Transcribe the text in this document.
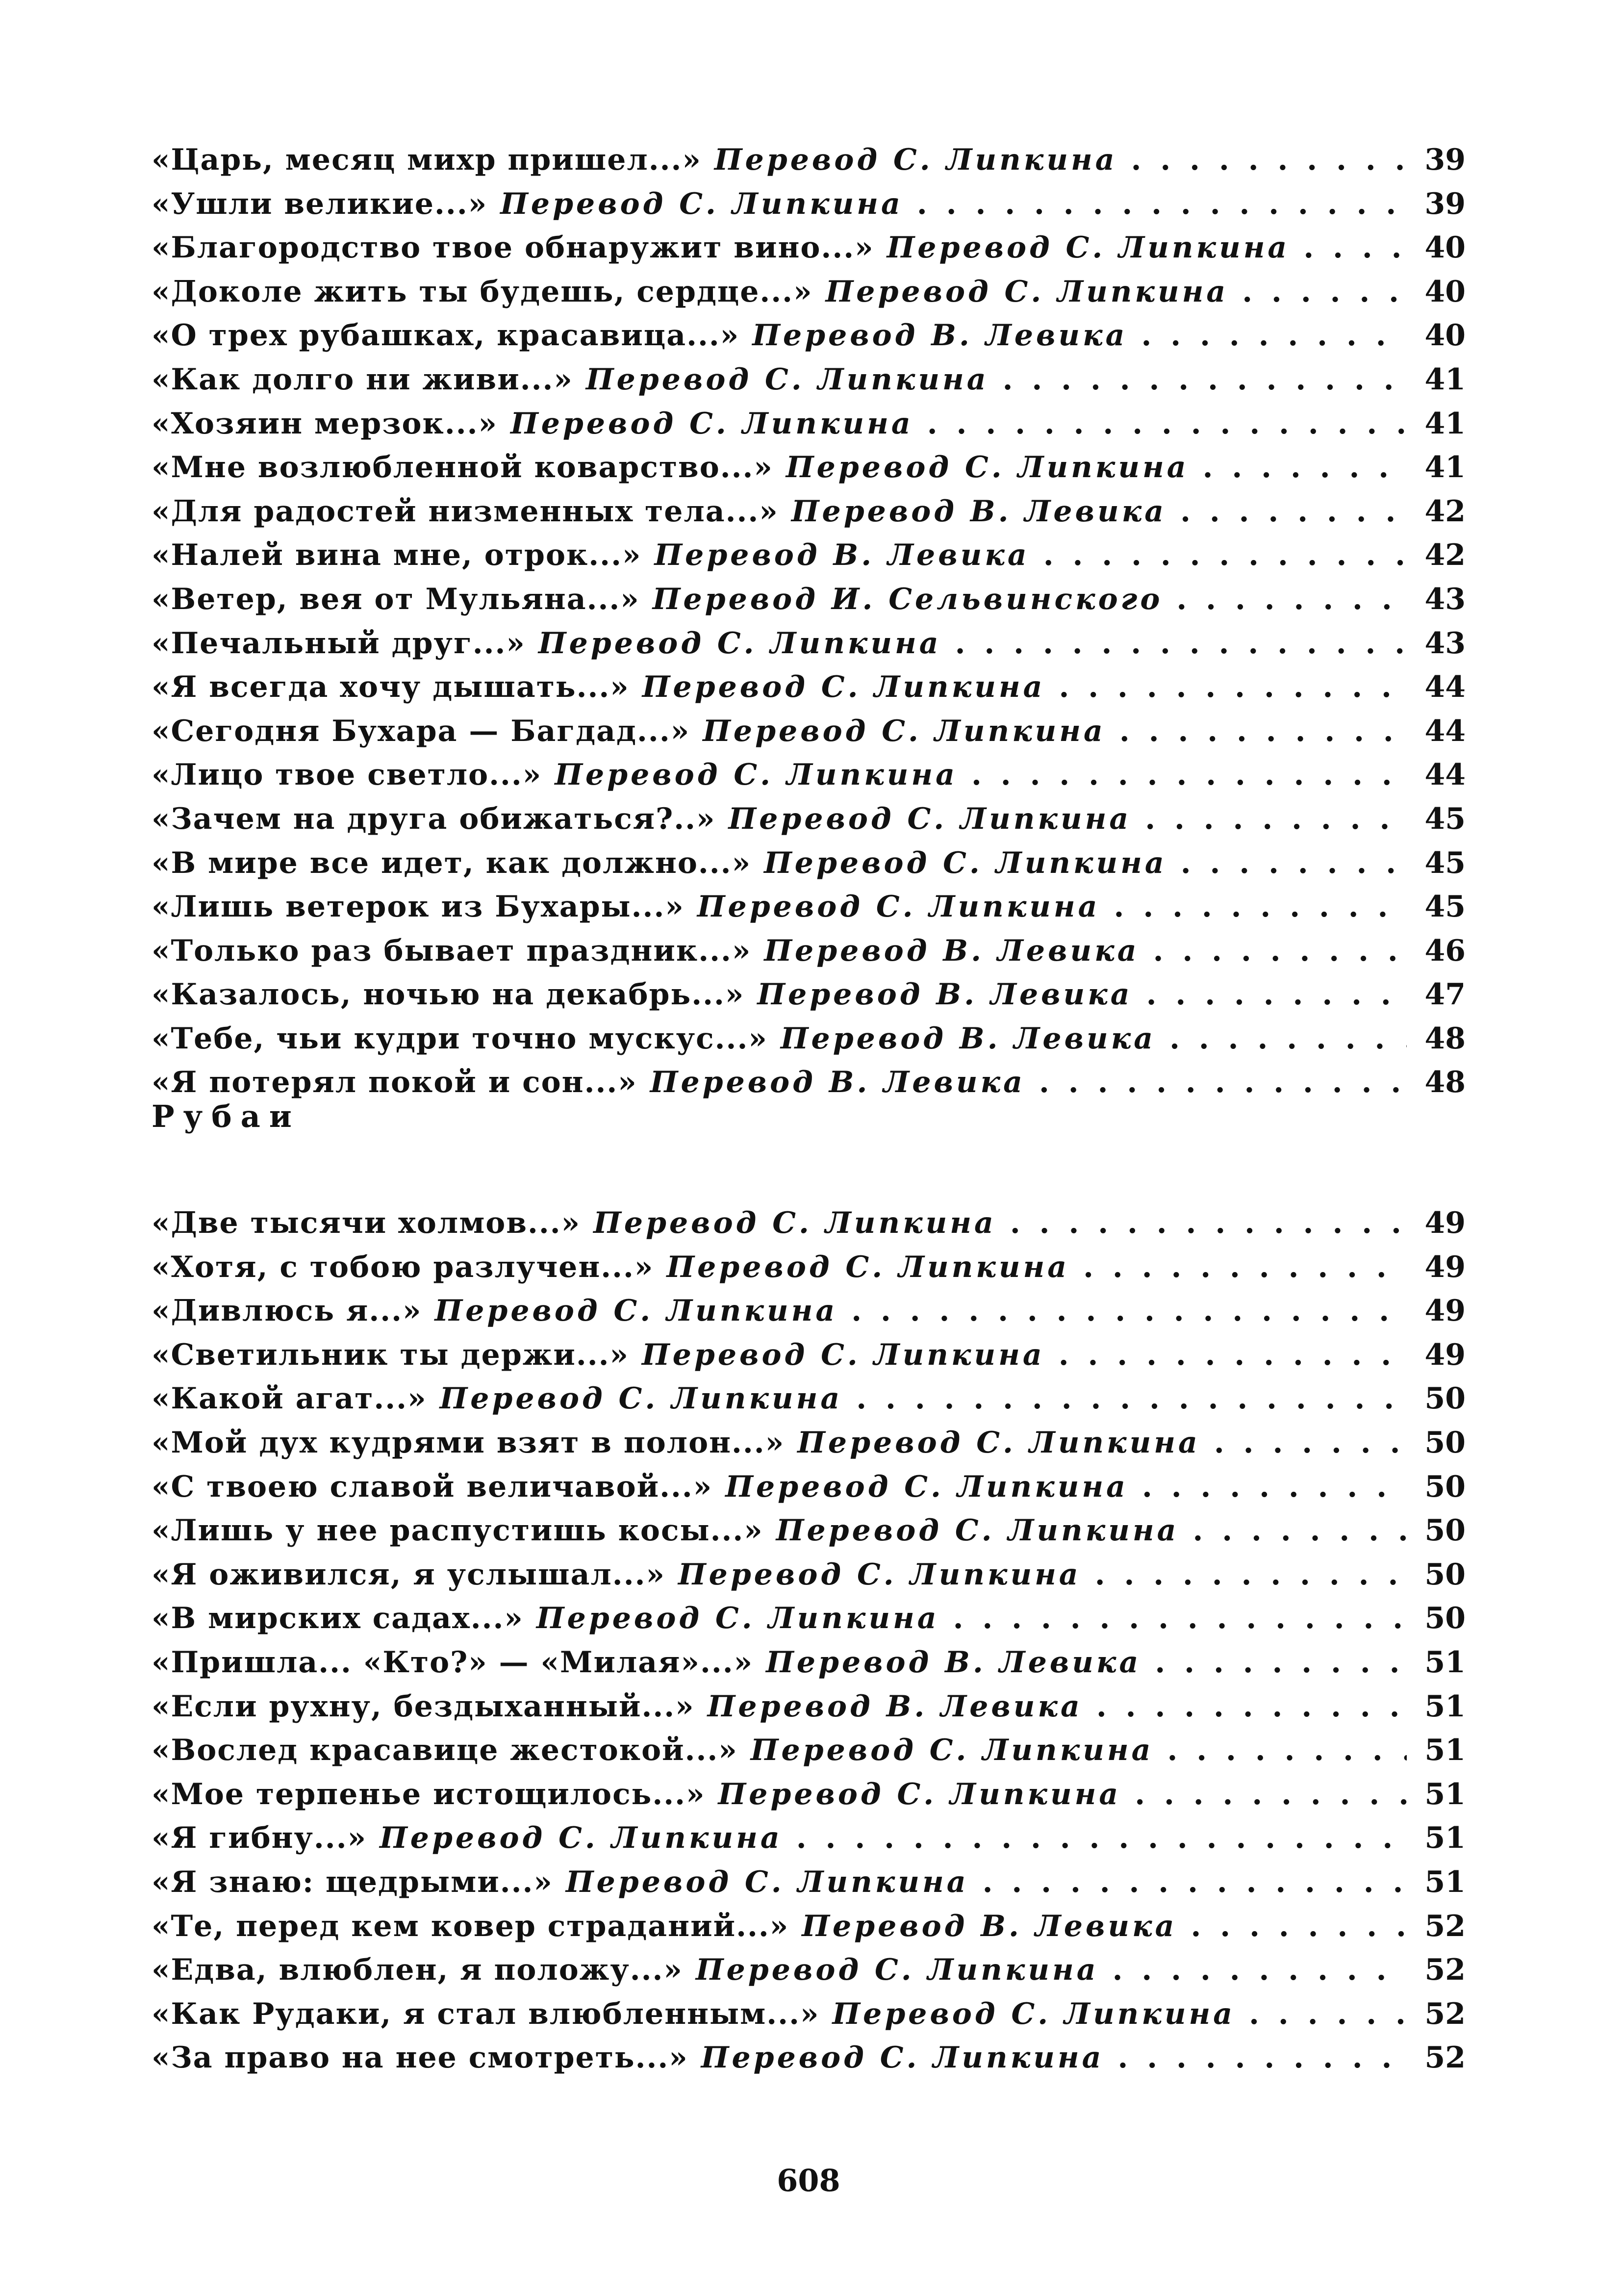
«Царь, месяц михр пришел...» Перевод С. Липкина . . .	39
«Ушли великие...» Перевод С. Липкина . . .	39
«Благородство твое обнаружит вино...» Перевод С. Липкина . . .	40
«Доколе жить ты будешь, сердце...» Перевод С. Липкина . . .	40
«О трех рубашках, красавица...» Перевод В. Левика . . .	40
«Как долго ни живи...» Перевод С. Липкина . . .	41
«Хозяин мерзок...» Перевод С. Липкина . . .	41
«Мне возлюбленной коварство...» Перевод С. Липкина . . .	41
«Для радостей низменных тела...» Перевод В. Левика . . .	42
«Налей вина мне, отрок...» Перевод В. Левика . . .	42
«Ветер, вея от Мульяна...» Перевод И. Сельвинского . . .	43
«Печальный друг...» Перевод С. Липкина . . .	43
«Я всегда хочу дышать...» Перевод С. Липкина . . .	44
«Сегодня Бухара — Багдад...» Перевод С. Липкина . . .	44
«Лицо твое светло...» Перевод С. Липкина . . .	44
«Зачем на друга обижаться?..» Перевод С. Липкина . . .	45
«В мире все идет, как должно...» Перевод С. Липкина . . .	45
«Лишь ветерок из Бухары...» Перевод С. Липкина . . .	45
«Только раз бывает праздник...» Перевод В. Левика . . .	46
«Казалось, ночью на декабрь...» Перевод В. Левика . . .	47
«Тебе, чьи кудри точно мускус...» Перевод В. Левика . . .	48
«Я потерял покой и сон...» Перевод В. Левика . . .	48
Рубаи
«Две тысячи холмов...» Перевод С. Липкина . . .	49
«Хотя, с тобою разлучен...» Перевод С. Липкина . . .	49
«Дивлюсь я...» Перевод С. Липкина . . .	49
«Светильник ты держи...» Перевод С. Липкина . . .	49
«Какой агат...» Перевод С. Липкина . . .	50
«Мой дух кудрями взят в полон...» Перевод С. Липкина . . .	50
«С твоею славой величавой...» Перевод С. Липкина . . .	50
«Лишь у нее распустишь косы...» Перевод С. Липкина . . .	50
«Я оживился, я услышал...» Перевод С. Липкина . . .	50
«В мирских садах...» Перевод С. Липкина . . .	50
«Пришла... «Кто?» — «Милая»...» Перевод В. Левика . . .	51
«Если рухну, бездыханный...» Перевод В. Левика . . .	51
«Вослед красавице жестокой...» Перевод С. Липкина . . .	51
«Мое терпенье истощилось...» Перевод С. Липкина . . .	51
«Я гибну...» Перевод С. Липкина . . .	51
«Я знаю: щедрыми...» Перевод С. Липкина . . .	51
«Те, перед кем ковер страданий...» Перевод В. Левика . . .	52
«Едва, влюблен, я положу...» Перевод С. Липкина . . .	52
«Как Рудаки, я стал влюбленным...» Перевод С. Липкина . . .	52
«За право на нее смотреть...» Перевод С. Липкина . . .	52
608
